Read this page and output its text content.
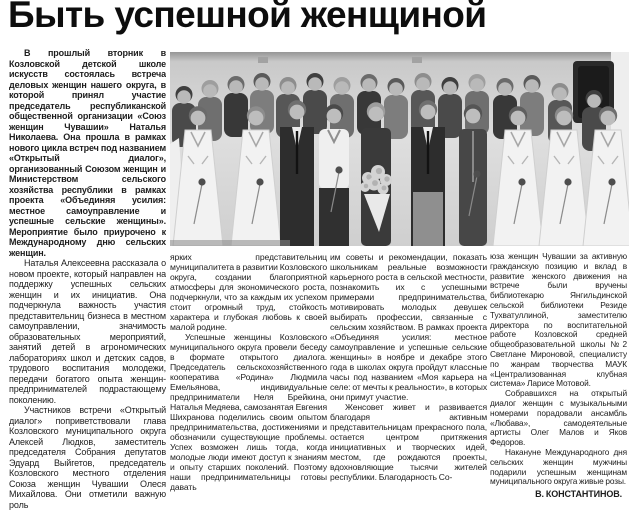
Быть успешной женщиной

В прошлый вторник в Козловской детской школе искусств состоялась встреча деловых женщин нашего округа, в которой принял участие председатель республиканской общественной организации «Союз женщин Чувашии» Наталья Николаева. Она прошла в рамках нового цикла встреч под названием «Открытый диалог», организованный Союзом женщин и Министерством сельского хозяйства республики в рамках проекта «Объединяя усилия: местное самоуправление и успешные сельские женщины». Мероприятие было приурочено к Международному дню сельских женщин.

Наталья Алексеевна рассказала о новом проекте, который направлен на поддержку успешных сельских женщин и их инициатив. Она подчеркнула важность участия представительниц бизнеса в местном самоуправлении, значимость образовательных мероприятий, занятий детей в агрономических лабораториях школ и детских садов, трудового воспитания молодежи, передачи богатого опыта женщин-предпринимателей подрастающему поколению.

Участников встречи «Открытый диалог» поприветствовали глава Козловского муниципального округа Алексей Людков, заместитель председателя Собрания депутатов Эдуард Выйгетов, председатель Козловского местного отделения Союза женщин Чувашии Олеся Михайлова. Они отметили важную роль

ярких представительниц муниципалитета в развитии Козловского округа, создании благоприятной атмосферы для экономического роста, подчеркнули, что за каждым их успехом стоит огромный труд, стойкость характера и глубокая любовь к своей малой родине.

Успешные женщины Козловского муниципального округа провели беседу в формате открытого диалога. Председатель сельскохозяйственного кооператива «Родина» Людмила Емельянова, индивидуальные предприниматели Неля Брейкина, Наталья Медяева, самозанятая Евгения Шихранова поделились своим опытом предпринимательства, достижениями и обозначили существующие проблемы. Успех возможен лишь тогда, когда молодые люди имеют доступ к знаниям и опыту старших поколений. Поэтому наши предпринимательницы готовы давать

им советы и рекомендации, показать школьникам реальные возможности карьерного роста в сельской местности, познакомить их с успешными примерами предпринимательства, мотивировать молодых девушек выбирать профессии, связанные с сельским хозяйством. В рамках проекта «Объединяя усилия: местное самоуправление и успешные сельские женщины» в ноябре и декабре этого года в школах округа пройдут классные часы под названием «Моя карьера на селе: от мечты к реальности», в которых они примут участие.

Женсовет живет и развивается благодаря активным представительницам прекрасного пола, остается центром притяжения инициативных и творческих идей, местом, где рождаются проекты, вдохновляющие тысячи жителей республики. Благодарность Со-

юза женщин Чувашии за активную гражданскую позицию и вклад в развитие женского движения на встрече были вручены библиотекарю Янгильдинской сельской библиотеки Резиде Тухватуллиной, заместителю директора по воспитательной работе Козловской средней общеобразовательной школы №2 Светлане Мироновой, специалисту по жанрам творчества МАУК «Централизованная клубная система» Ларисе Мотовой.

Собравшихся на открытый диалог женщин с музыкальными номерами порадовали ансамбль «Любава», самодеятельные артисты Олег Малов и Яков Федоров.

Накануне Международного дня сельских женщин мужчины подарили успешным женщинам муниципального округа живые розы.

В. КОНСТАНТИНОВ.
